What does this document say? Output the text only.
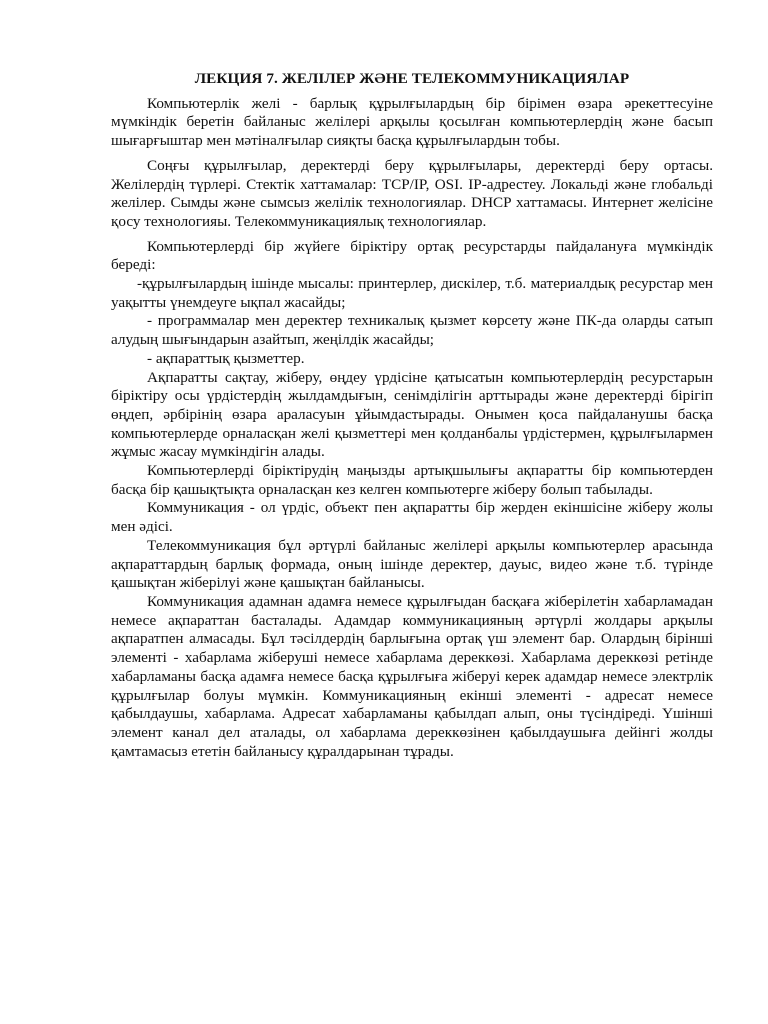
ЛЕКЦИЯ 7. ЖЕЛІЛЕР ЖӘНЕ ТЕЛЕКОММУНИКАЦИЯЛАР

Компьютерлік желі - барлық құрылғылардың бір бірімен өзара әрекеттесуіне мүмкіндік беретін байланыс желілері арқылы қосылған компьютерлердің және басып шығарғыштар мен мәтіналғылар сияқты басқа құрылғылардын тобы.

Соңғы құрылғылар, деректерді беру құрылғылары, деректерді беру ортасы. Желілердің түрлері. Стектік хаттамалар: TCP/IP, OSI. IP-адрестеу. Локальді және глобальді желілер. Сымды және сымсыз желілік технологиялар. DHCP хаттамасы. Интернет желісіне қосу технологияы. Телекоммуникациялық технологиялар.

Компьютерлерді бір жүйеге біріктіру ортақ ресурстарды пайдалануға мүмкіндік береді:

-құрылғылардың ішінде мысалы: принтерлер, дискілер, т.б. материалдық ресурстар мен уақытты үнемдеуге ықпал жасайды;

- программалар мен деректер техникалық қызмет көрсету және ПК-да оларды сатып алудың шығындарын азайтып, жеңілдік жасайды;

- ақпараттық қызметтер.

Ақпаратты сақтау, жіберу, өңдеу үрдісіне қатысатын компьютерлердің ресурстарын біріктіру осы үрдістердің жылдамдығын, сенімділігін арттырады және деректерді бірігіп өңдеп, әрбірінің өзара араласуын ұйымдастырады. Онымен қоса пайдаланушы басқа компьютерлерде орналасқан желі қызметтері мен қолданбалы үрдістермен, құрылғылармен жұмыс жасау мүмкіндігін алады.

Компьютерлерді біріктірудің маңызды артықшылығы ақпаратты бір компьютерден басқа бір қашықтықта орналасқан кез келген компьютерге жіберу болып табылады.

Коммуникация - ол үрдіс, объект пен ақпаратты бір жерден екіншісіне жіберу жолы мен әдісі.

Телекоммуникация бұл әртүрлі байланыс желілері арқылы компьютерлер арасында ақпараттардың барлық формада, оның ішінде деректер, дауыс, видео және т.б. түрінде қашықтан жіберілуі және қашықтан байланысы.

Коммуникация адамнан адамға немесе құрылғыдан басқаға жіберілетін хабарламадан немесе ақпараттан басталады. Адамдар коммуникацияның әртүрлі жолдары арқылы ақпаратпен алмасады. Бұл тәсілдердің барлығына ортақ үш элемент бар. Олардың бірінші элементі - хабарлама жіберуші немесе хабарлама дереккөзі. Хабарлама дереккөзі ретінде хабарламаны басқа адамға немесе басқа құрылғыға жіберуі керек адамдар немесе электрлік құрылғылар болуы мүмкін. Коммуникацияның екінші элементі - адресат немесе қабылдаушы, хабарлама. Адресат хабарламаны қабылдап алып, оны түсіндіреді. Үшінші элемент канал дел аталады, ол хабарлама дереккөзінен қабылдаушыға дейінгі жолды қамтамасыз ететін байланысу құралдарынан тұрады.
